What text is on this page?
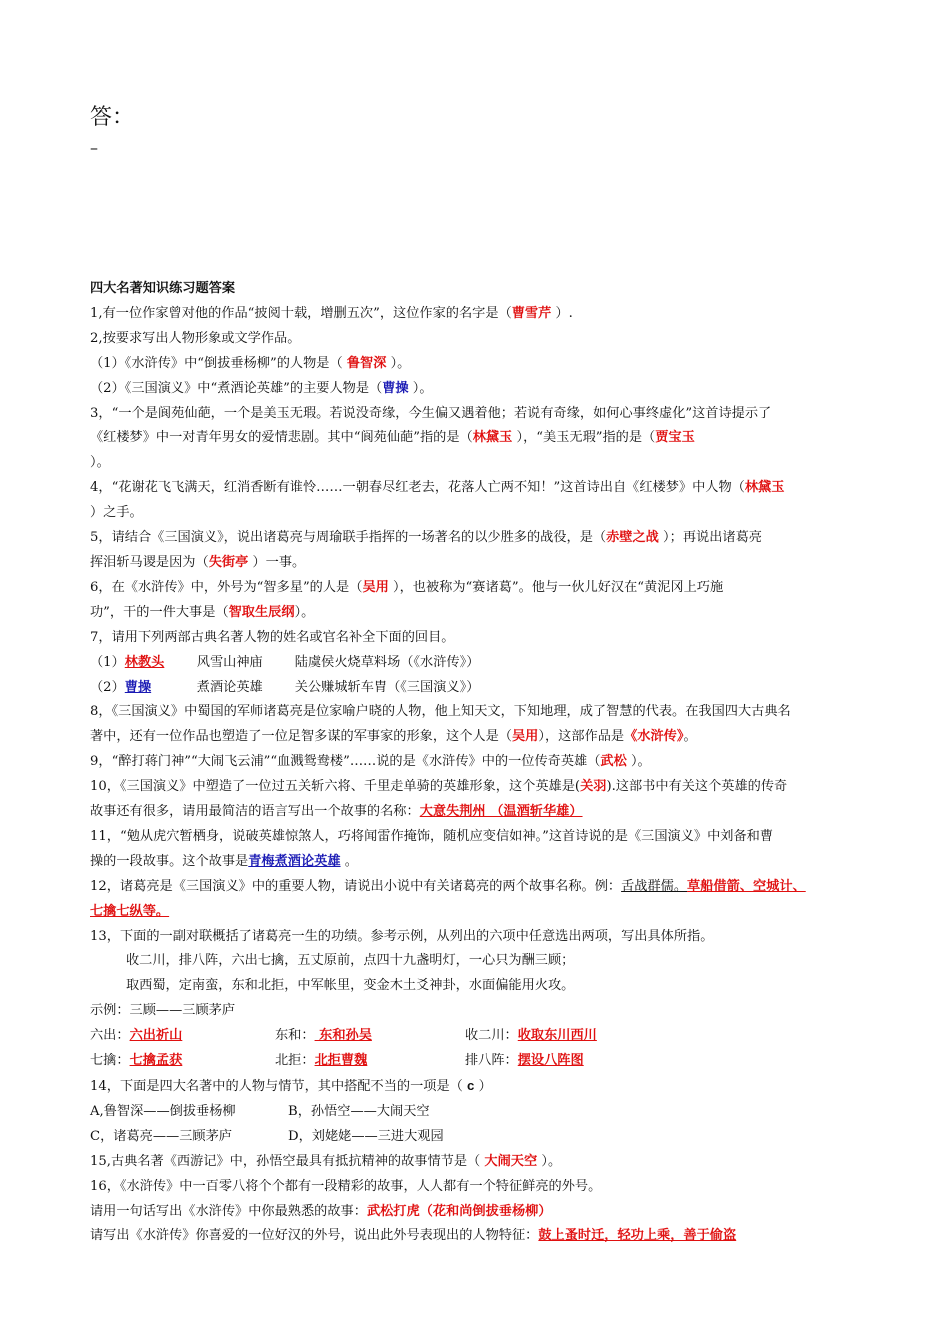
答：
–
四大名著知识练习题答案
1,有一位作家曾对他的作品“披阅十载，增删五次”，这位作家的名字是（曹雪芹 ）.
2,按要求写出人物形象或文学作品。
（1）《水浒传》中“倒拔垂杨柳”的人物是（ 鲁智深 ）。
（2）《三国演义》中“煮酒论英雄”的主要人物是（曹操 ）。
3，“一个是阆苑仙葩，一个是美玉无瑕。若说没奇缘，今生偏又遇着他；若说有奇缘，如何心事终虚化”这首诗提示了
《红楼梦》中一对青年男女的爱情悲剧。其中“阆苑仙葩”指的是（林黛玉 ），“美玉无瑕”指的是（贾宝玉
）。
4，“花谢花飞飞满天，红消香断有谁怜……一朝春尽红老去，花落人亡两不知！”这首诗出自《红楼梦》中人物（林黛玉
）之手。
5，请结合《三国演义》，说出诸葛亮与周瑜联手指挥的一场著名的以少胜多的战役，是（赤壁之战 ）；再说出诸葛亮
挥泪斩马谡是因为（失街亭 ）一事。
6，在《水浒传》中，外号为“智多星”的人是（吴用 ），也被称为“赛诸葛”。他与一伙儿好汉在“黄泥冈上巧施
功”，干的一件大事是（智取生辰纲）。
7，请用下列两部古典名著人物的姓名或官名补全下面的回目。
（1）林教头 风雪山神庙 陆虞侯火烧草料场（《水浒传》）
（2）曹操	煮酒论英雄 关公赚城斩车胄（《三国演义》）
8，《三国演义》中蜀国的军师诸葛亮是位家喻户晓的人物，他上知天文，下知地理，成了智慧的代表。在我国四大古典名
著中，还有一位作品也塑造了一位足智多谋的军事家的形象，这个人是（吴用），这部作品是《水浒传》。
9，“醉打蒋门神”“大闹飞云浦”“血溅鸳鸯楼”……说的是《水浒传》中的一位传奇英雄（武松 ）。
10，《三国演义》中塑造了一位过五关斩六将、千里走单骑的英雄形象，这个英雄是(关羽).这部书中有关这个英雄的传奇
故事还有很多，请用最简洁的语言写出一个故事的名称：大意失荆州 （温酒斩华雄）
11，“勉从虎穴暂栖身，说破英雄惊煞人，巧将闻雷作掩饰，随机应变信如神。”这首诗说的是《三国演义》中刘备和曹
操的一段故事。这个故事是青梅煮酒论英雄 。
12，诸葛亮是《三国演义》中的重要人物，请说出小说中有关诸葛亮的两个故事名称。例：舌战群儒。草船借箭、空城计、
七擒七纵等。
13，下面的一副对联概括了诸葛亮一生的功绩。参考示例，从列出的六项中任意选出两项，写出具体所指。
收二川，排八阵，六出七擒，五丈原前，点四十九盏明灯，一心只为酬三顾；
取西蜀，定南蛮，东和北拒，中军帐里，变金木土爻神卦，水面偏能用火攻。
示例：三顾——三顾茅庐
六出：六出祈山	东和： 东和孙吴	收二川：收取东川西川
七擒：七擒孟获	北拒：北拒曹魏	排八阵：摆设八阵图
14，下面是四大名著中的人物与情节，其中搭配不当的一项是（ c ）
A,鲁智深——倒拔垂杨柳	B，孙悟空——大闹天空
C，诸葛亮——三顾茅庐	D，刘姥姥——三进大观园
15,古典名著《西游记》中，孙悟空最具有抵抗精神的故事情节是（ 大闹天空 ）。
16，《水浒传》中一百零八将个个都有一段精彩的故事，人人都有一个特征鲜亮的外号。
请用一句话写出《水浒传》中你最熟悉的故事：武松打虎（花和尚倒拔垂杨柳）
请写出《水浒传》你喜爱的一位好汉的外号，说出此外号表现出的人物特征：鼓上蚤时迁，轻功上乘，善于偷盗
